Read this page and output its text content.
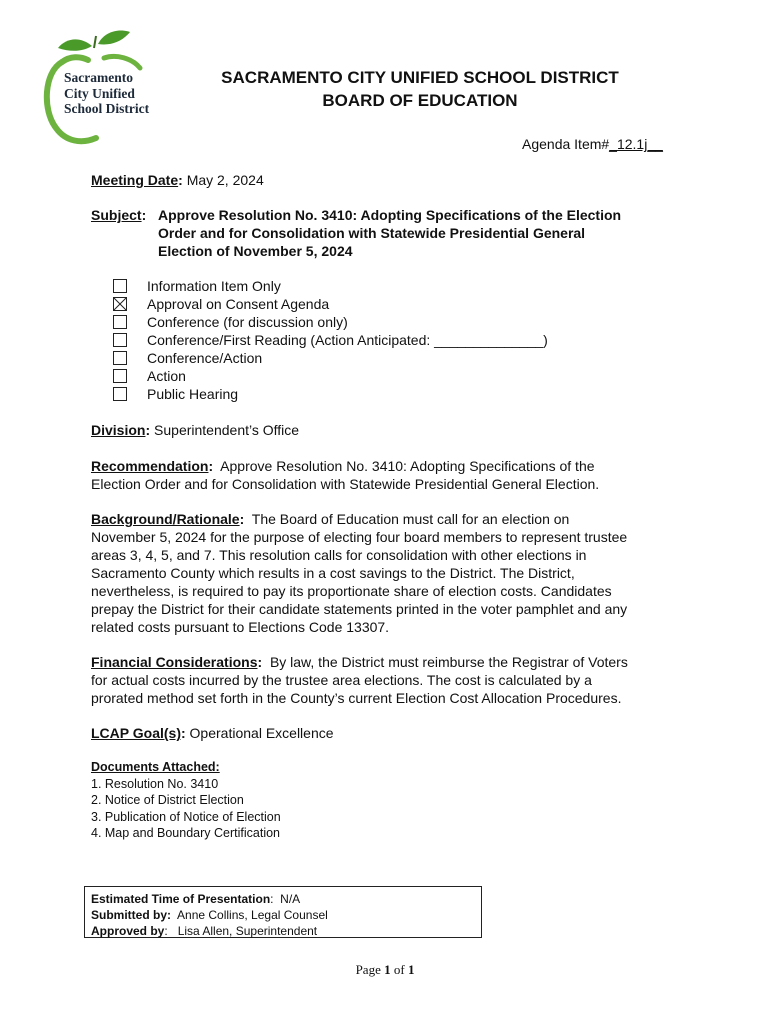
Sacramento
City Unified
School District
SACRAMENTO CITY UNIFIED SCHOOL DISTRICT
BOARD OF EDUCATION
Agenda Item#_12.1j__
Meeting Date: May 2, 2024
Subject: Approve Resolution No. 3410: Adopting Specifications of the Election
Order and for Consolidation with Statewide Presidential General
Election of November 5, 2024
Information Item Only
Approval on Consent Agenda
Conference (for discussion only)
Conference/First Reading (Action Anticipated: ______________)
Conference/Action
Action
Public Hearing
Division: Superintendent’s Office
Recommendation: Approve Resolution No. 3410: Adopting Specifications of the
Election Order and for Consolidation with Statewide Presidential General Election.
Background/Rationale: The Board of Education must call for an election on
November 5, 2024 for the purpose of electing four board members to represent trustee
areas 3, 4, 5, and 7. This resolution calls for consolidation with other elections in
Sacramento County which results in a cost savings to the District. The District,
nevertheless, is required to pay its proportionate share of election costs. Candidates
prepay the District for their candidate statements printed in the voter pamphlet and any
related costs pursuant to Elections Code 13307.
Financial Considerations: By law, the District must reimburse the Registrar of Voters
for actual costs incurred by the trustee area elections. The cost is calculated by a
prorated method set forth in the County’s current Election Cost Allocation Procedures.
LCAP Goal(s): Operational Excellence
Documents Attached:
1. Resolution No. 3410
2. Notice of District Election
3. Publication of Notice of Election
4. Map and Boundary Certification
Estimated Time of Presentation:  N/A
Submitted by: Anne Collins, Legal Counsel
Approved by:   Lisa Allen, Superintendent
Page 1 of 1
